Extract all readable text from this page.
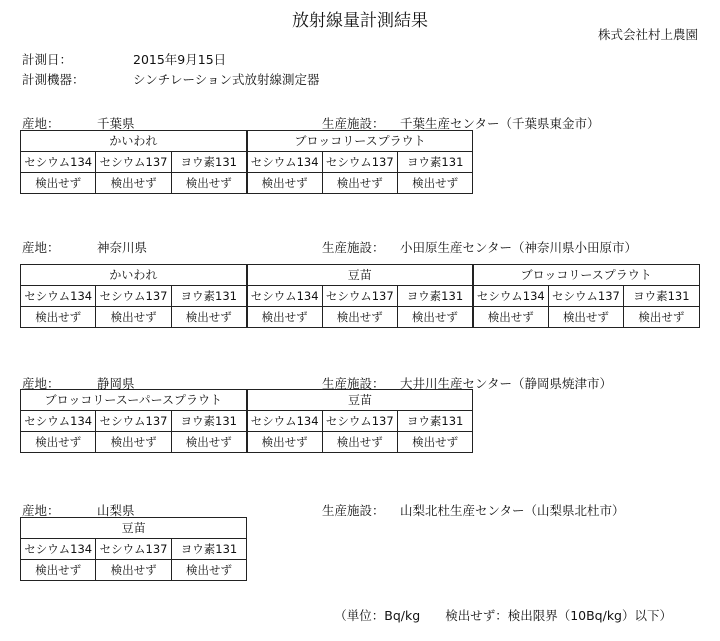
放射線量計測結果
株式会社村上農園
計測日：	2015年9月15日
計測機器：	シンチレーション式放射線測定器
産地：	千葉県	生産施設： 千葉生産センター（千葉県東金市）
かいわれ			ブロッコリースプラウト		
セシウム134	セシウム137	ヨウ素131	セシウム134	セシウム137	ヨウ素131
検出せず	検出せず	検出せず	検出せず	検出せず	検出せず
産地：	神奈川県	生産施設： 小田原生産センター（神奈川県小田原市）
かいわれ			豆苗			ブロッコリースプラウト		
セシウム134	セシウム137	ヨウ素131	セシウム134	セシウム137	ヨウ素131	セシウム134	セシウム137	ヨウ素131
検出せず	検出せず	検出せず	検出せず	検出せず	検出せず	検出せず	検出せず	検出せず
産地：	静岡県	生産施設： 大井川生産センター（静岡県焼津市）
ブロッコリースーパースプラウト			豆苗		
セシウム134	セシウム137	ヨウ素131	セシウム134	セシウム137	ヨウ素131
検出せず	検出せず	検出せず	検出せず	検出せず	検出せず
産地：	山梨県	生産施設： 山梨北杜生産センター（山梨県北杜市）
豆苗		
セシウム134	セシウム137	ヨウ素131
検出せず	検出せず	検出せず
（単位：Bq/kg　　検出せず：検出限界（10Bq/kg）以下）
